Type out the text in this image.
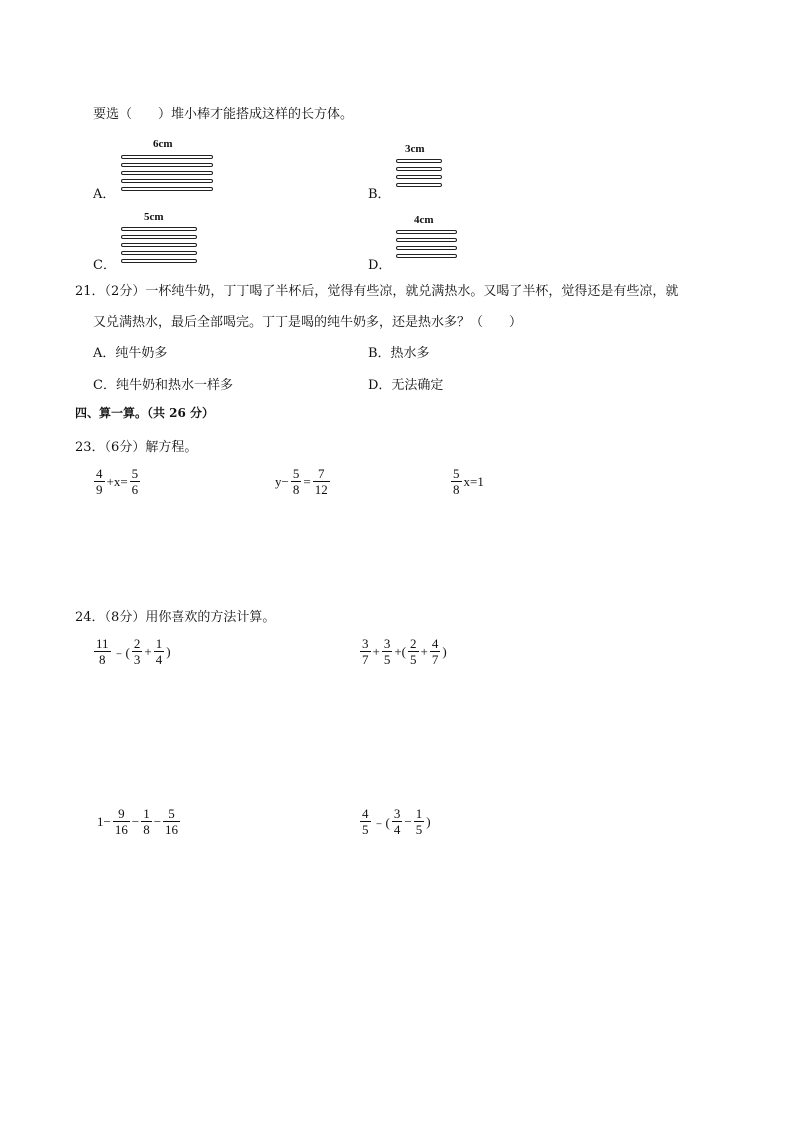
要选（　　）堆小棒才能搭成这样的长方体。
A．
6cm
B．
3cm
C．
5cm
D．
4cm
21．（2分）一杯纯牛奶，丁丁喝了半杯后，觉得有些凉，就兑满热水。又喝了半杯，觉得还是有些凉，就
又兑满热水，最后全部喝完。丁丁是喝的纯牛奶多，还是热水多？（　　）
A．纯牛奶多	B．热水多
C．纯牛奶和热水一样多	D．无法确定
四、算一算。（共 26 分）
23．（6分）解方程。
$\frac{4}{9} +x= \frac{5}{6}$	$y- \frac{5}{8} = \frac{7}{12}$	$\frac{5}{8} x=1$
24．（8分）用你喜欢的方法计算。
$\frac{11}{8}$ ﹣( $\frac{2}{3} + \frac{1}{4}$ )	$\frac{3}{7} + \frac{3}{5}$ +( $\frac{2}{5} + \frac{4}{7}$ )
$1- \frac{9}{16} - \frac{1}{8} - \frac{5}{16}$	$\frac{4}{5}$ ﹣( $\frac{3}{4} - \frac{1}{5}$ )
